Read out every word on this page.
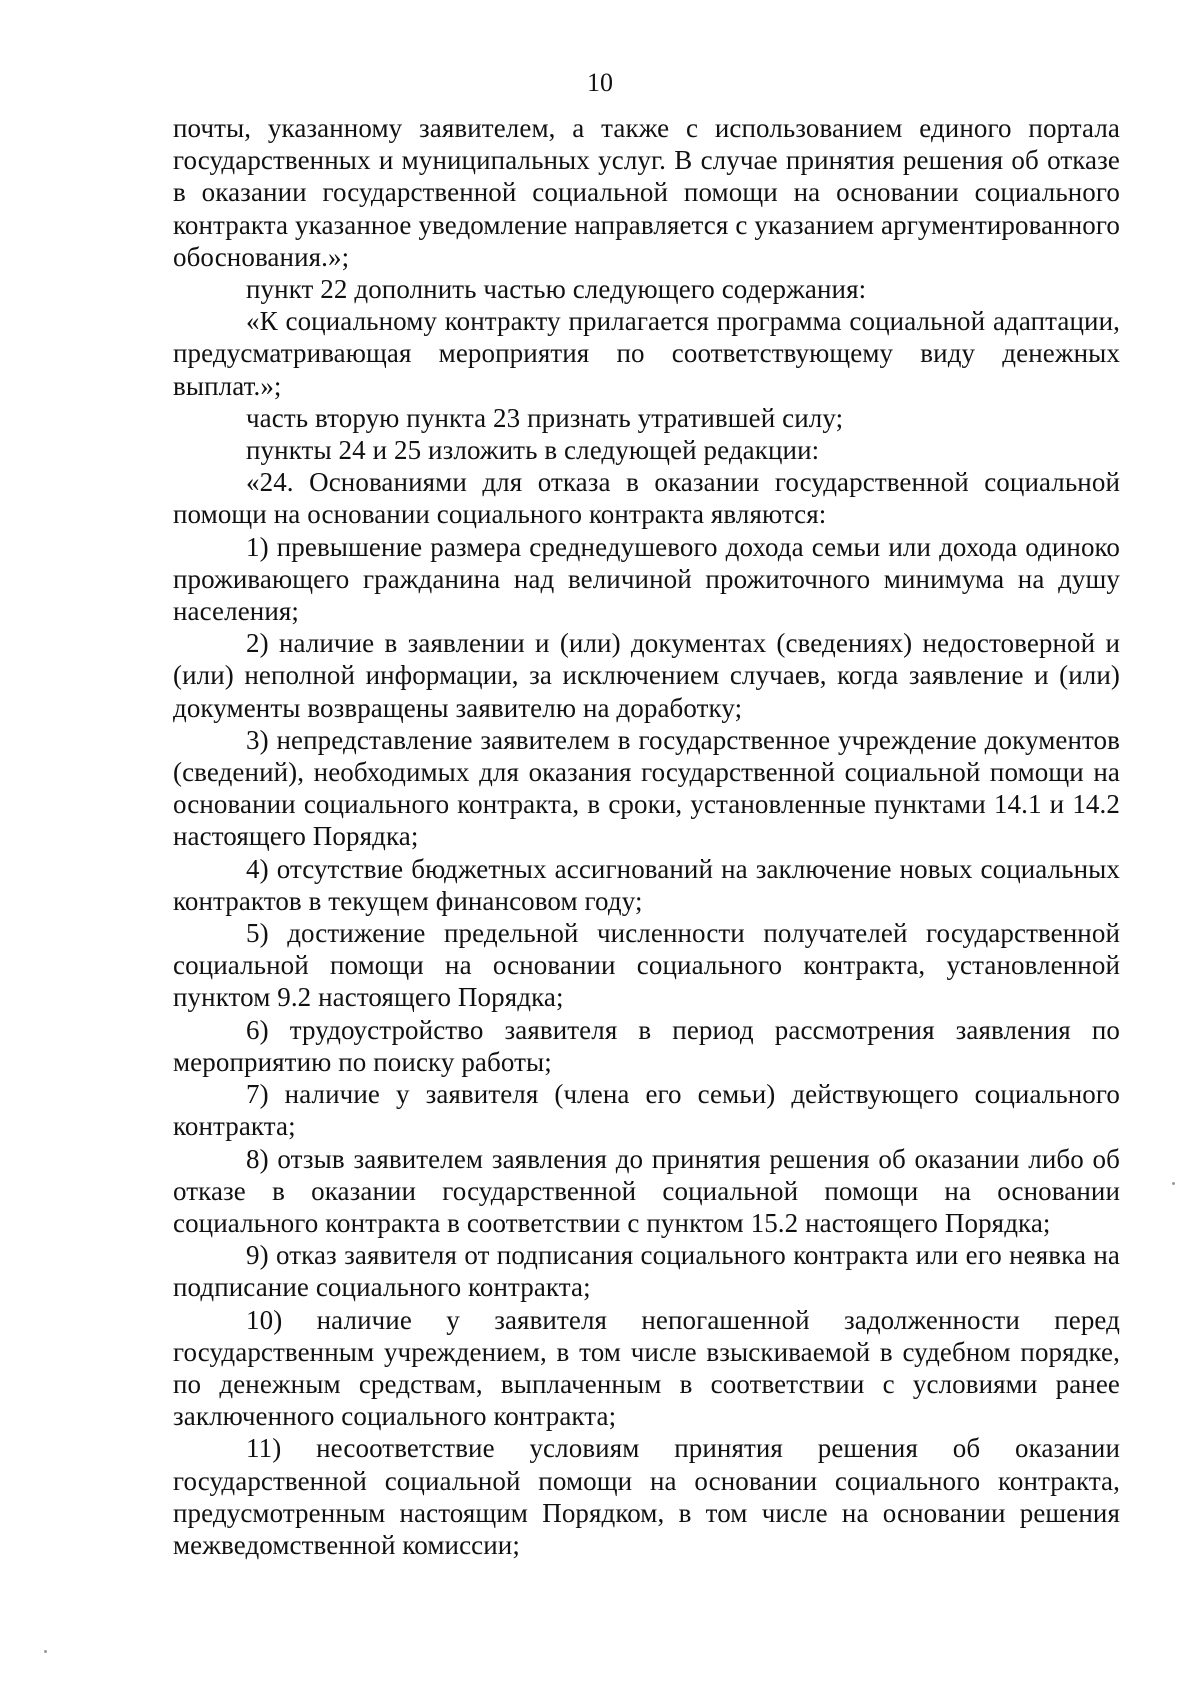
10

почты, указанному заявителем, а также с использованием единого портала государственных и муниципальных услуг. В случае принятия решения об отказе в оказании государственной социальной помощи на основании социального контракта указанное уведомление направляется с указанием аргументированного обоснования.»;

пункт 22 дополнить частью следующего содержания:

«К социальному контракту прилагается программа социальной адаптации, предусматривающая мероприятия по соответствующему виду денежных выплат.»;

часть вторую пункта 23 признать утратившей силу;

пункты 24 и 25 изложить в следующей редакции:

«24. Основаниями для отказа в оказании государственной социальной помощи на основании социального контракта являются:

1) превышение размера среднедушевого дохода семьи или дохода одиноко проживающего гражданина над величиной прожиточного минимума на душу населения;

2) наличие в заявлении и (или) документах (сведениях) недостоверной и (или) неполной информации, за исключением случаев, когда заявление и (или) документы возвращены заявителю на доработку;

3) непредставление заявителем в государственное учреждение документов (сведений), необходимых для оказания государственной социальной помощи на основании социального контракта, в сроки, установленные пунктами 14.1 и 14.2 настоящего Порядка;

4) отсутствие бюджетных ассигнований на заключение новых социальных контрактов в текущем финансовом году;

5) достижение предельной численности получателей государственной социальной помощи на основании социального контракта, установленной пунктом 9.2 настоящего Порядка;

6) трудоустройство заявителя в период рассмотрения заявления по мероприятию по поиску работы;

7) наличие у заявителя (члена его семьи) действующего социального контракта;

8) отзыв заявителем заявления до принятия решения об оказании либо об отказе в оказании государственной социальной помощи на основании социального контракта в соответствии с пунктом 15.2 настоящего Порядка;

9) отказ заявителя от подписания социального контракта или его неявка на подписание социального контракта;

10) наличие у заявителя непогашенной задолженности перед государственным учреждением, в том числе взыскиваемой в судебном порядке, по денежным средствам, выплаченным в соответствии с условиями ранее заключенного социального контракта;

11) несоответствие условиям принятия решения об оказании государственной социальной помощи на основании социального контракта, предусмотренным настоящим Порядком, в том числе на основании решения межведомственной комиссии;
